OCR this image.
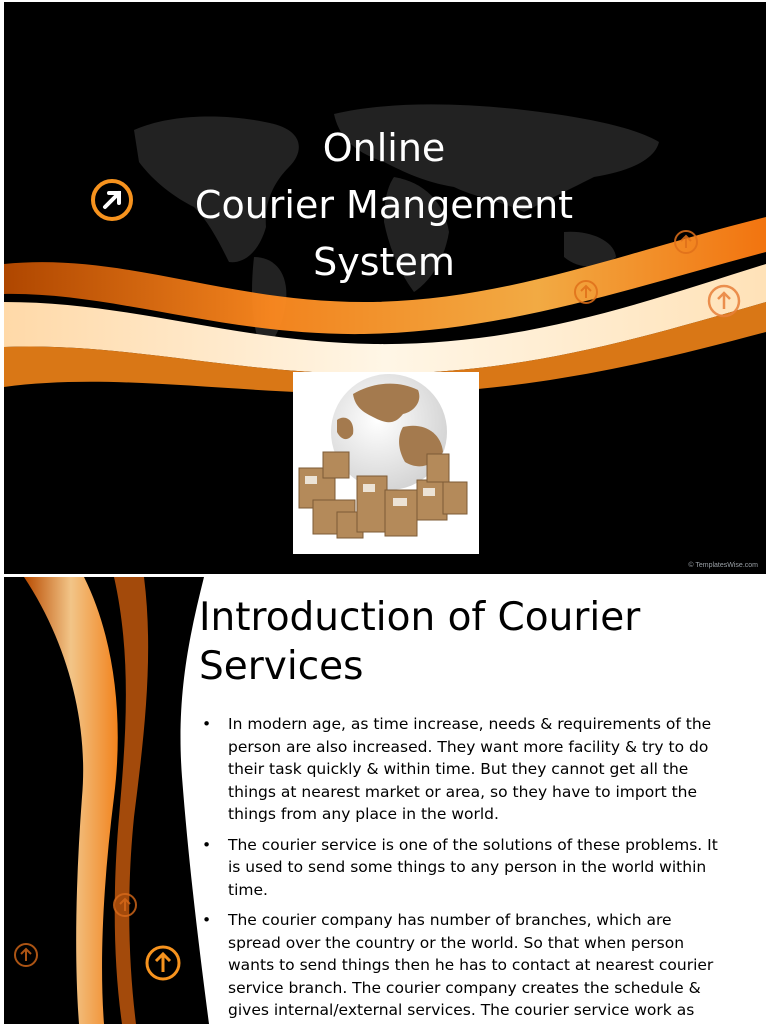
Online
Courier Mangement
System
© TemplatesWise.com
Introduction of Courier
Services
• In modern age, as time increase, needs & requirements of the person are also increased. They want more facility & try to do their task quickly & within time. But they cannot get all the things at nearest market or area, so they have to import the things from any place in the world.
• The courier service is one of the solutions of these problems. It is used to send some things to any person in the world within time.
• The courier company has number of branches, which are spread over the country or the world. So that when person wants to send things then he has to contact at nearest courier service branch. The courier company creates the schedule & gives internal/external services. The courier service work as
